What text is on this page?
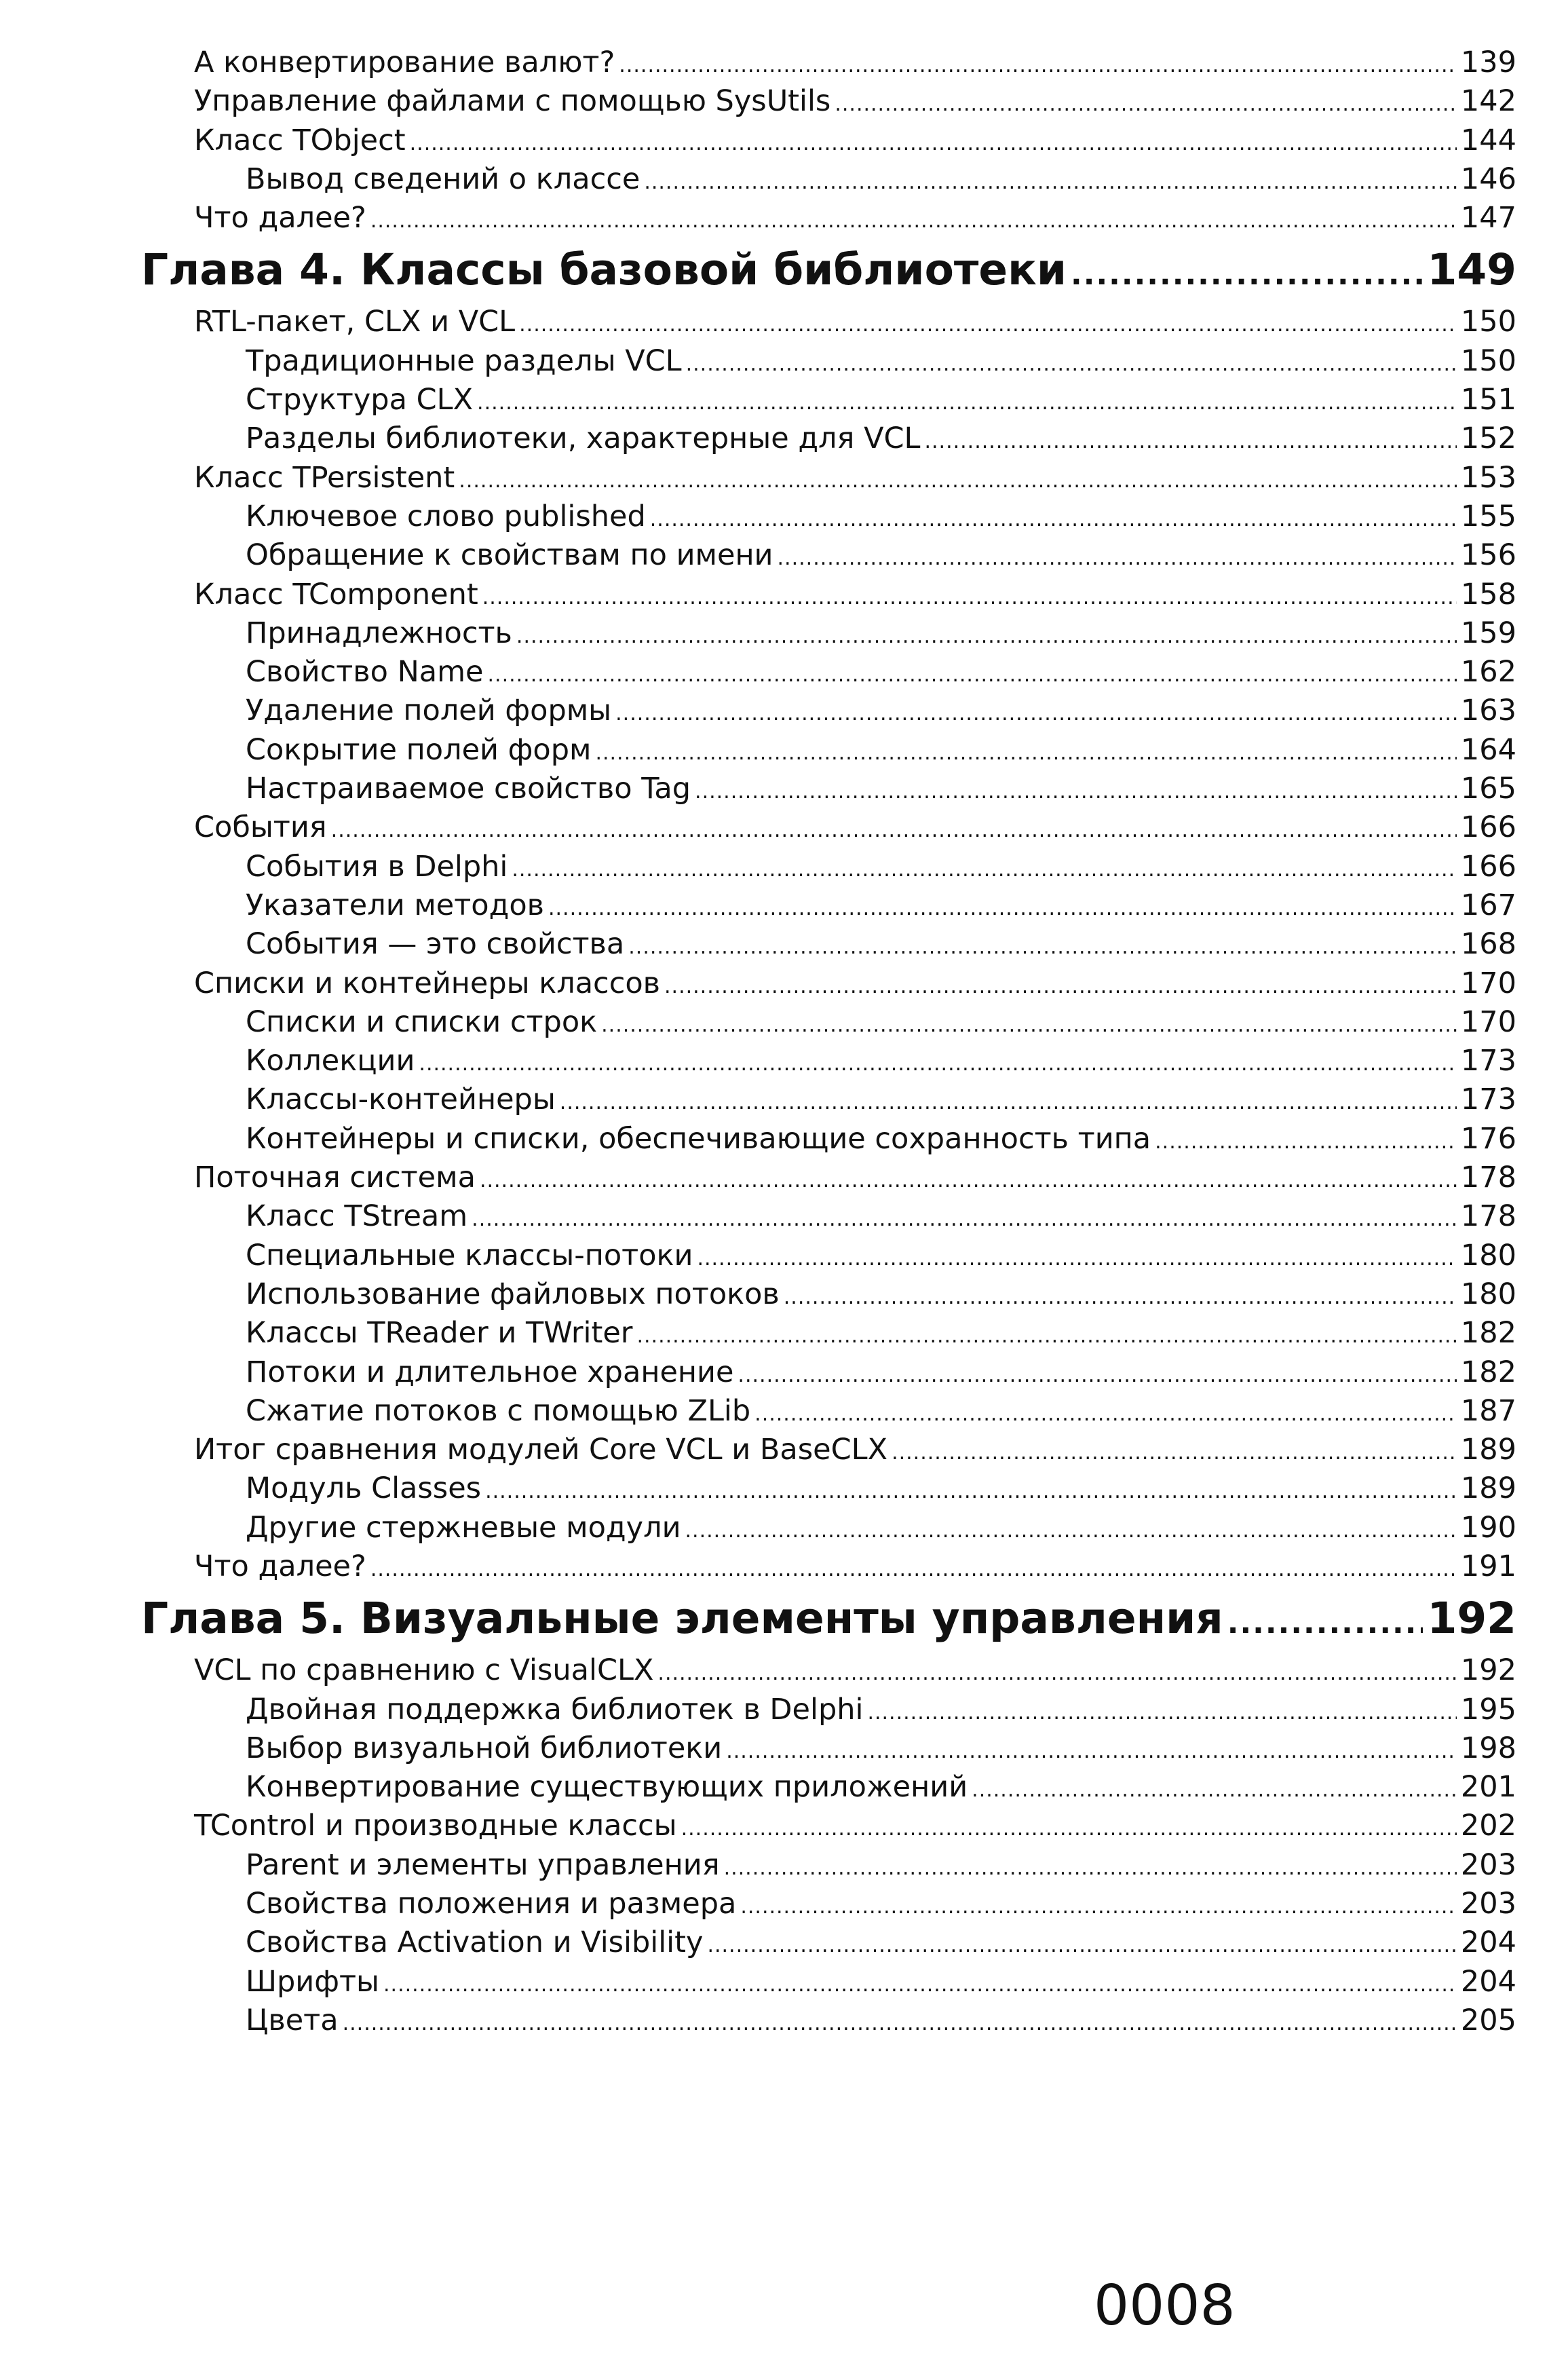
А конвертирование валют? .....	139
Управление файлами с помощью SysUtils .....	142
Класс TObject .....	144
Вывод сведений о классе .....	146
Что далее? .....	147
Глава 4. Классы базовой библиотеки .....	149
RTL-пакет, CLX и VCL .....	150
Традиционные разделы VCL .....	150
Структура CLX .....	151
Разделы библиотеки, характерные для VCL .....	152
Класс TPersistent .....	153
Ключевое слово published .....	155
Обращение к свойствам по имени .....	156
Класс TComponent .....	158
Принадлежность .....	159
Свойство Name .....	162
Удаление полей формы .....	163
Сокрытие полей форм .....	164
Настраиваемое свойство Tag .....	165
События .....	166
События в Delphi .....	166
Указатели методов .....	167
События — это свойства .....	168
Списки и контейнеры классов .....	170
Списки и списки строк .....	170
Коллекции .....	173
Классы-контейнеры .....	173
Контейнеры и списки, обеспечивающие сохранность типа .....	176
Поточная система .....	178
Класс TStream .....	178
Специальные классы-потоки .....	180
Использование файловых потоков .....	180
Классы TReader и TWriter .....	182
Потоки и длительное хранение .....	182
Сжатие потоков с помощью ZLib .....	187
Итог сравнения модулей Core VCL и BaseCLX .....	189
Модуль Classes .....	189
Другие стержневые модули .....	190
Что далее? .....	191
Глава 5. Визуальные элементы управления .....	192
VCL по сравнению с VisualCLX .....	192
Двойная поддержка библиотек в Delphi .....	195
Выбор визуальной библиотеки .....	198
Конвертирование существующих приложений .....	201
TControl и производные классы .....	202
Parent и элементы управления .....	203
Свойства положения и размера .....	203
Свойства Activation и Visibility .....	204
Шрифты .....	204
Цвета .....	205
0008
